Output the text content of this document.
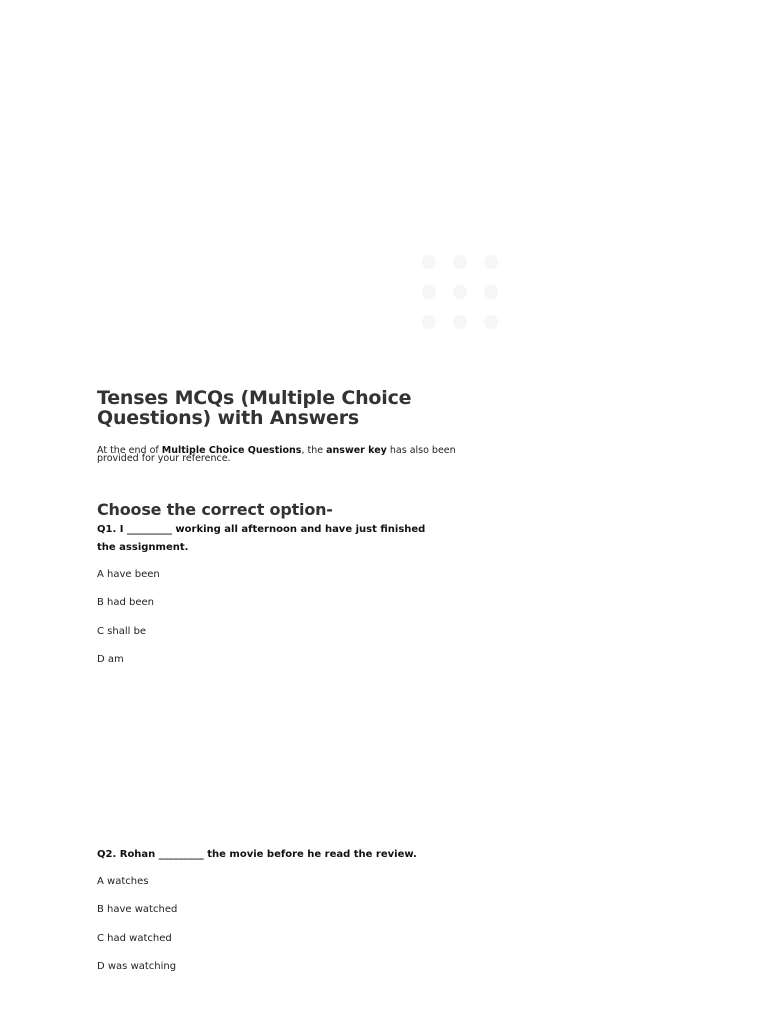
Tenses MCQs (Multiple Choice Questions) with Answers

At the end of Multiple Choice Questions, the answer key has also been provided for your reference.

Choose the correct option-

Q1. I _________ working all afternoon and have just finished the assignment.

A have been

B had been

C shall be

D am

Q2. Rohan _________ the movie before he read the review.

A watches

B have watched

C had watched

D was watching
